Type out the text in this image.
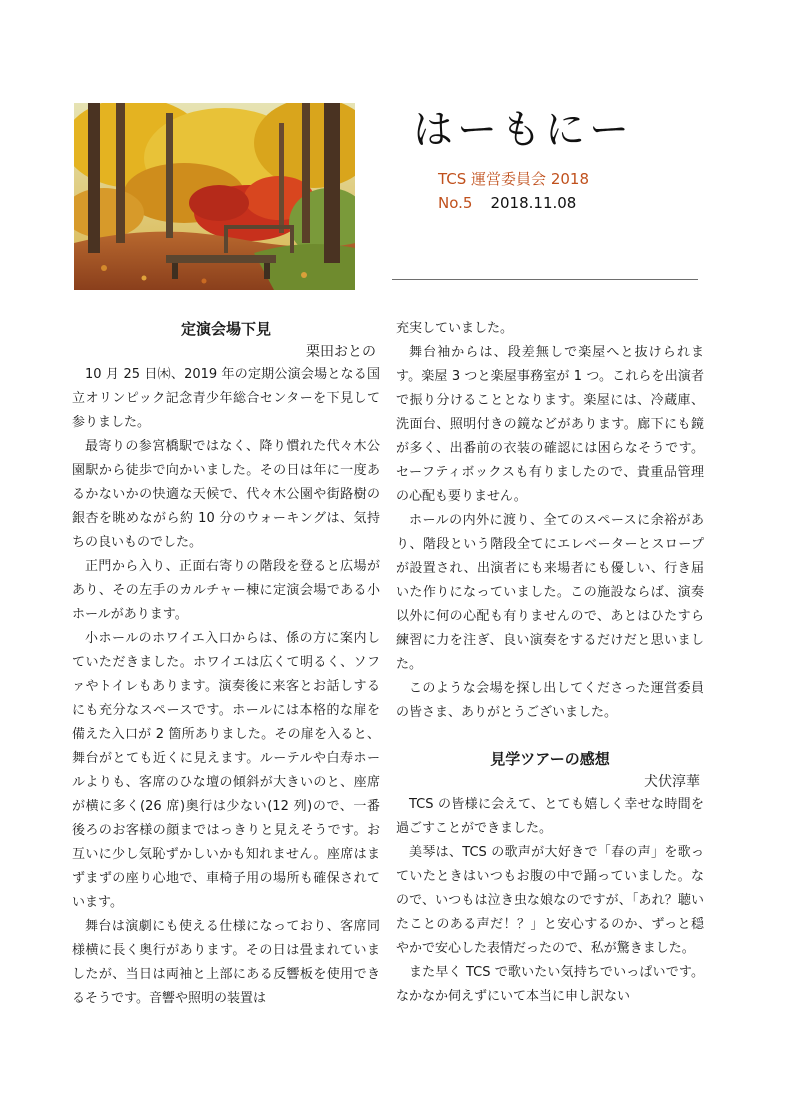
はーもにー
TCS 運営委員会 2018
No.5 2018.11.08
定演会場下見
栗田おとの

10 月 25 日㈭、2019 年の定期公演会場となる国立オリンピック記念青少年総合センターを下見して参りました。

最寄りの参宮橋駅ではなく、降り慣れた代々木公園駅から徒歩で向かいました。その日は年に一度あるかないかの快適な天候で、代々木公園や街路樹の銀杏を眺めながら約 10 分のウォーキングは、気持ちの良いものでした。

正門から入り、正面右寄りの階段を登ると広場があり、その左手のカルチャー棟に定演会場である小ホールがあります。

小ホールのホワイエ入口からは、係の方に案内していただきました。ホワイエは広くて明るく、ソファやトイレもあります。演奏後に来客とお話しするにも充分なスペースです。ホールには本格的な扉を備えた入口が 2 箇所ありました。その扉を入ると、舞台がとても近くに見えます。ルーテルや白寿ホールよりも、客席のひな壇の傾斜が大きいのと、座席が横に多く(26 席)奥行は少ない(12 列)ので、一番後ろのお客様の顔まではっきりと見えそうです。お互いに少し気恥ずかしいかも知れません。座席はまずまずの座り心地で、車椅子用の場所も確保されています。

舞台は演劇にも使える仕様になっており、客席同様横に長く奥行があります。その日は畳まれていましたが、当日は両袖と上部にある反響板を使用できるそうです。音響や照明の装置は

充実していました。

舞台袖からは、段差無しで楽屋へと抜けられます。楽屋 3 つと楽屋事務室が 1 つ。これらを出演者で振り分けることとなります。楽屋には、冷蔵庫、洗面台、照明付きの鏡などがあります。廊下にも鏡が多く、出番前の衣装の確認には困らなそうです。セーフティボックスも有りましたので、貴重品管理の心配も要りません。

ホールの内外に渡り、全てのスペースに余裕があり、階段という階段全てにエレベーターとスロープが設置され、出演者にも来場者にも優しい、行き届いた作りになっていました。この施設ならば、演奏以外に何の心配も有りませんので、あとはひたすら練習に力を注ぎ、良い演奏をするだけだと思いました。

このような会場を探し出してくださった運営委員の皆さま、ありがとうございました。

見学ツアーの感想
犬伏淳華

TCS の皆様に会えて、とても嬉しく幸せな時間を過ごすことができました。

美琴は、TCS の歌声が大好きで「春の声」を歌っていたときはいつもお腹の中で踊っていました。なので、いつもは泣き虫な娘なのですが、「あれ？聴いたことのある声だ！？」と安心するのか、ずっと穏やかで安心した表情だったので、私が驚きました。

また早く TCS で歌いたい気持ちでいっぱいです。なかなか伺えずにいて本当に申し訳ない
